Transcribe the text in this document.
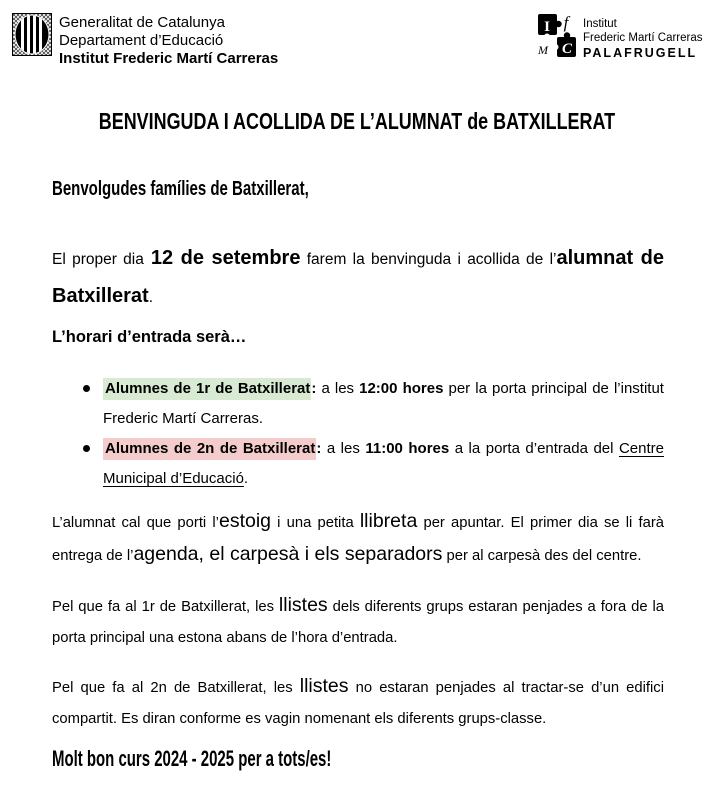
Generalitat de Catalunya
Departament d’Educació
Institut Frederic Martí Carreras
I f
M C
Institut
Frederic Martí Carreras
PALAFRUGELL
BENVINGUDA I ACOLLIDA DE L’ALUMNAT de BATXILLERAT
Benvolgudes famílies de Batxillerat,

El proper dia 12 de setembre farem la benvinguda i acollida de l’alumnat de Batxillerat.

L’horari d’entrada serà…
Alumnes de 1r de Batxillerat: a les 12:00 hores per la porta principal de l’institut Frederic Martí Carreras.
Alumnes de 2n de Batxillerat: a les 11:00 hores a la porta d’entrada del Centre Municipal d’Educació.

L’alumnat cal que porti l’estoig i una petita llibreta per apuntar. El primer dia se li farà entrega de l’agenda, el carpesà i els separadors per al carpesà des del centre.

Pel que fa al 1r de Batxillerat, les llistes dels diferents grups estaran penjades a fora de la porta principal una estona abans de l’hora d’entrada.

Pel que fa al 2n de Batxillerat, les llistes no estaran penjades al tractar-se d’un edifici compartit. Es diran conforme es vagin nomenant els diferents grups-classe.

Molt bon curs 2024 - 2025 per a tots/es!
